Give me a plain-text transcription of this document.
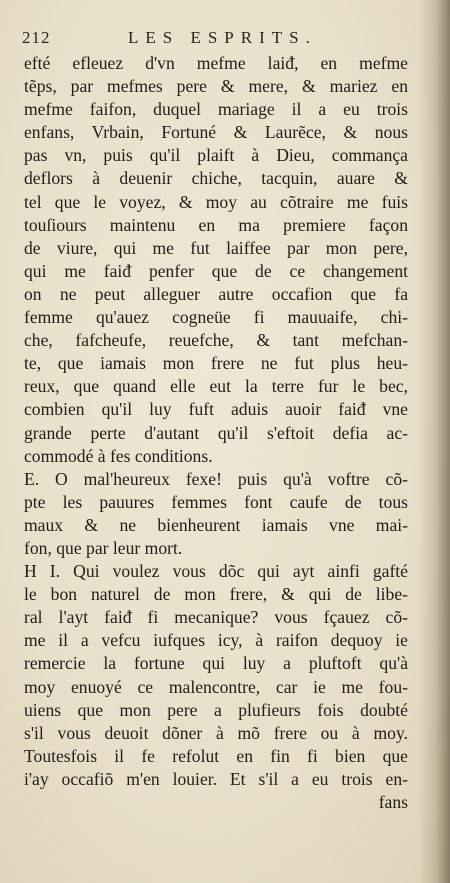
212	LES ESPRITS.
efté efleuez d'vn mefme laiᵭ, en mefme
tẽps, par mefmes pere & mere, & mariez en
mefme faifon, duquel mariage il a eu trois
enfans, Vrbain, Fortuné & Laurẽce, & nous
pas vn, puis qu'il plaift à Dieu, commança
deflors à deuenir chiche, tacquin, auare &
tel que le voyez, & moy au cõtraire me fuis
touſiours maintenu en ma premiere façon
de viure, qui me fut laiffee par mon pere,
qui me faiᵭ penfer que de ce changement
on ne peut alleguer autre occafion que fa
femme qu'auez cogneüe fi mauuaife, chi-
che, fafcheufe, reuefche, & tant mefchan-
te, que iamais mon frere ne fut plus heu-
reux, que quand elle eut la terre fur le bec,
combien qu'il luy fuft aduis auoir faiᵭ vne
grande perte d'autant qu'il s'eftoit defia ac-
commodé à fes conditions.
E. O mal'heureux fexe! puis qu'à voftre cõ-
pte les pauures femmes font caufe de tous
maux & ne bienheurent iamais vne mai-
fon, que par leur mort.
H I. Qui voulez vous dõc qui ayt ainfi gafté
le bon naturel de mon frere, & qui de libe-
ral l'ayt faiᵭ fi mecanique? vous fçauez cõ-
me il a vefcu iufques icy, à raifon dequoy ie
remercie la fortune qui luy a pluftoft qu'à
moy enuoyé ce malencontre, car ie me fou-
uiens que mon pere a plufieurs fois doubté
s'il vous deuoit dõner à mõ frere ou à moy.
Toutesfois il fe refolut en fin fi bien que
i'ay occafiõ m'en louier. Et s'il a eu trois en-
fans
